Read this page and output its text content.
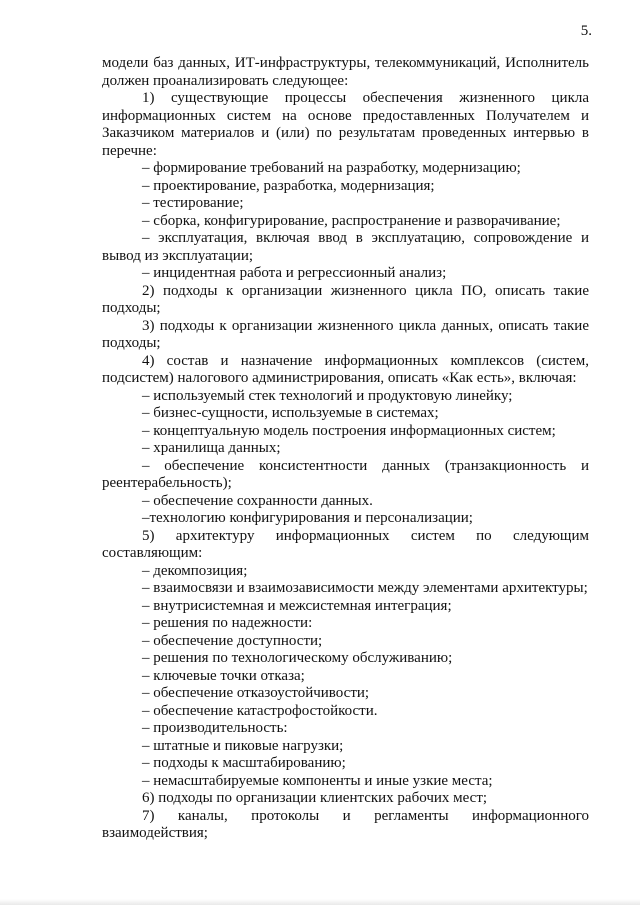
5.

модели баз данных, ИТ-инфраструктуры, телекоммуникаций, Исполнитель должен проанализировать следующее:

1) существующие процессы обеспечения жизненного цикла информационных систем на основе предоставленных Получателем и Заказчиком материалов и (или) по результатам проведенных интервью в перечне:

– формирование требований на разработку, модернизацию;

– проектирование, разработка, модернизация;

– тестирование;

– сборка, конфигурирование, распространение и разворачивание;

– эксплуатация, включая ввод в эксплуатацию, сопровождение и вывод из эксплуатации;

– инцидентная работа и регрессионный анализ;

2) подходы к организации жизненного цикла ПО, описать такие подходы;

3) подходы к организации жизненного цикла данных, описать такие подходы;

4) состав и назначение информационных комплексов (систем, подсистем) налогового администрирования, описать «Как есть», включая:

– используемый стек технологий и продуктовую линейку;

– бизнес-сущности, используемые в системах;

– концептуальную модель построения информационных систем;

– хранилища данных;

– обеспечение консистентности данных (транзакционность и реентерабельность);

– обеспечение сохранности данных.

–технологию конфигурирования и персонализации;

5) архитектуру информационных систем по следующим составляющим:

– декомпозиция;

– взаимосвязи и взаимозависимости между элементами архитектуры;

– внутрисистемная и межсистемная интеграция;

– решения по надежности:

– обеспечение доступности;

– решения по технологическому обслуживанию;

– ключевые точки отказа;

– обеспечение отказоустойчивости;

– обеспечение катастрофостойкости.

– производительность:

– штатные и пиковые нагрузки;

– подходы к масштабированию;

– немасштабируемые компоненты и иные узкие места;

6) подходы по организации клиентских рабочих мест;

7) каналы, протоколы и регламенты информационного взаимодействия;
